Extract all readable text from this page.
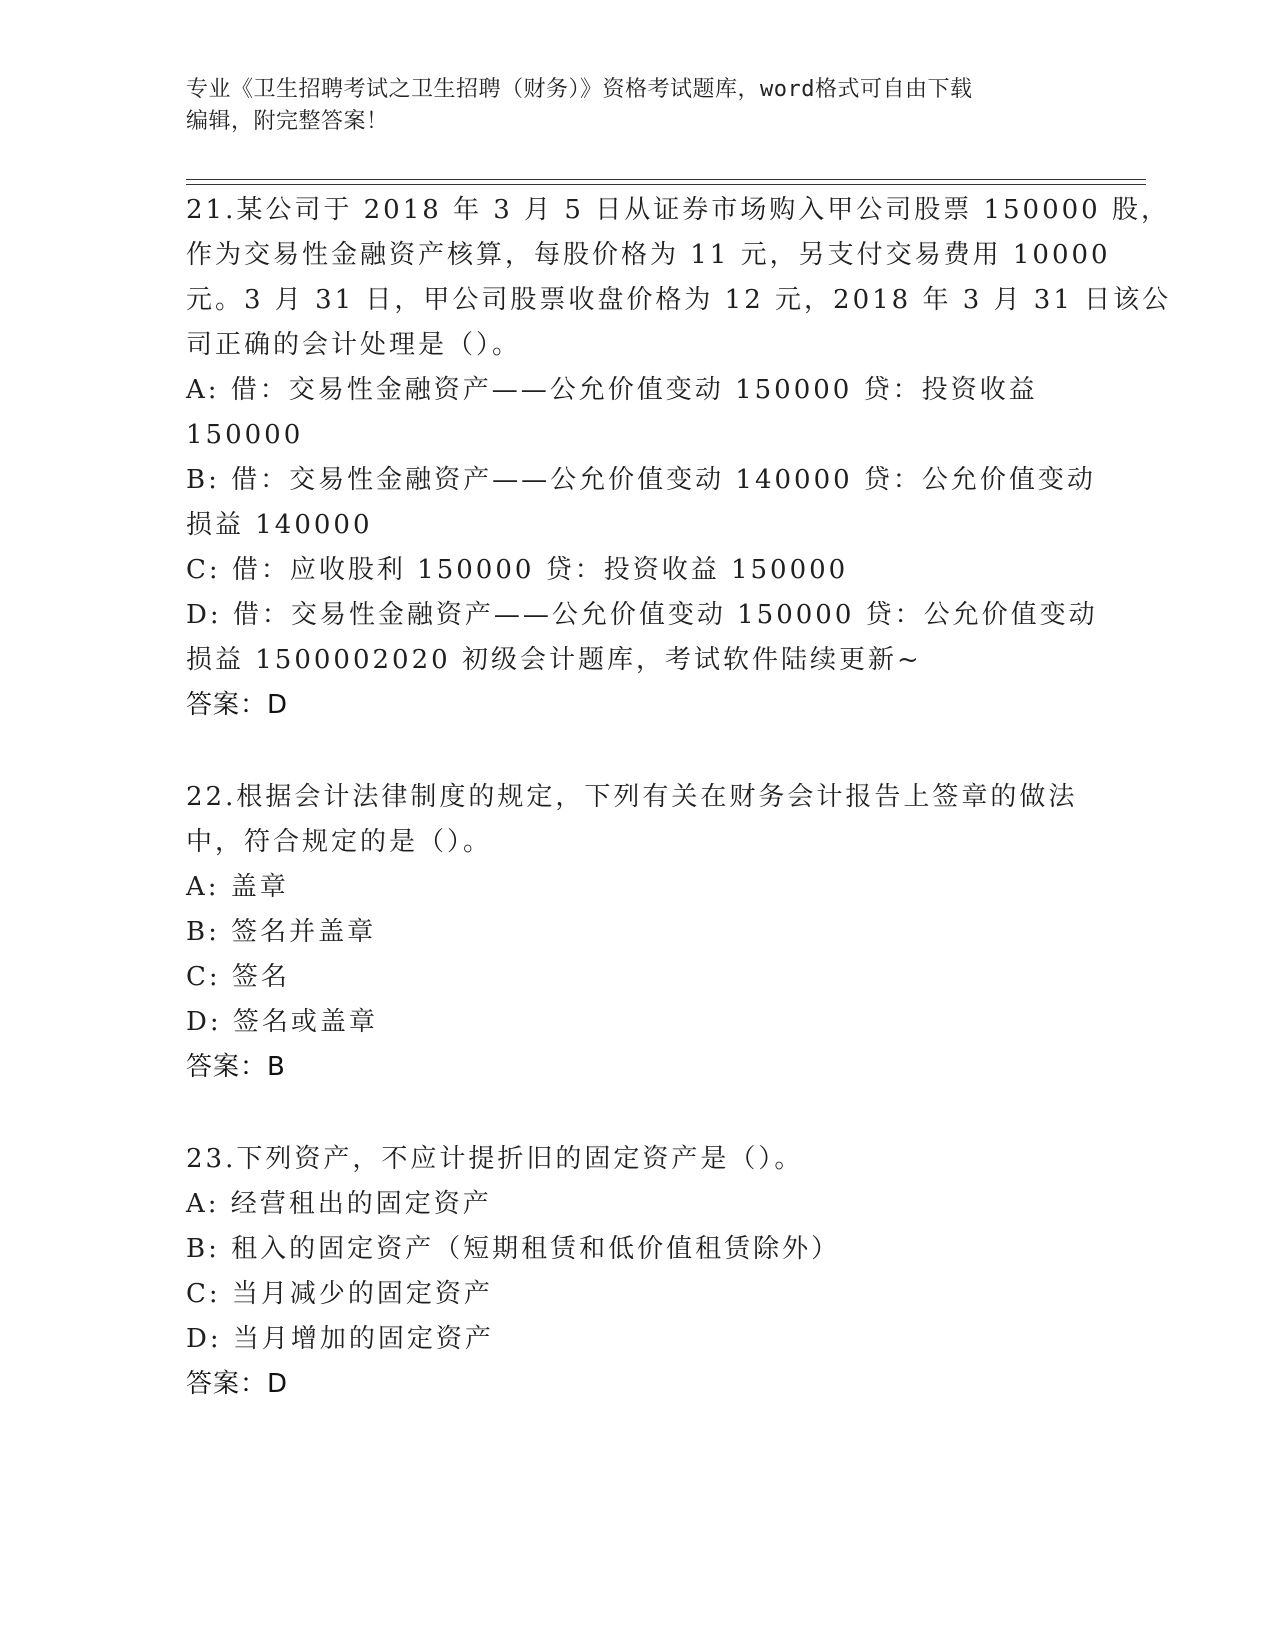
专业《卫生招聘考试之卫生招聘（财务）》资格考试题库，word格式可自由下载
编辑，附完整答案！
21.某公司于 2018 年 3 月 5 日从证券市场购入甲公司股票 150000 股，
作为交易性金融资产核算，每股价格为 11 元，另支付交易费用 10000
元。3 月 31 日，甲公司股票收盘价格为 12 元，2018 年 3 月 31 日该公
司正确的会计处理是（）。
A: 借：交易性金融资产——公允价值变动 150000 贷：投资收益
150000
B: 借：交易性金融资产——公允价值变动 140000 贷：公允价值变动
损益 140000
C: 借：应收股利 150000 贷：投资收益 150000
D: 借：交易性金融资产——公允价值变动 150000 贷：公允价值变动
损益 1500002020 初级会计题库，考试软件陆续更新~
答案：D
22.根据会计法律制度的规定，下列有关在财务会计报告上签章的做法
中，符合规定的是（）。
A: 盖章
B: 签名并盖章
C: 签名
D: 签名或盖章
答案：B
23.下列资产，不应计提折旧的固定资产是（）。
A: 经营租出的固定资产
B: 租入的固定资产（短期租赁和低价值租赁除外）
C: 当月减少的固定资产
D: 当月增加的固定资产
答案：D
